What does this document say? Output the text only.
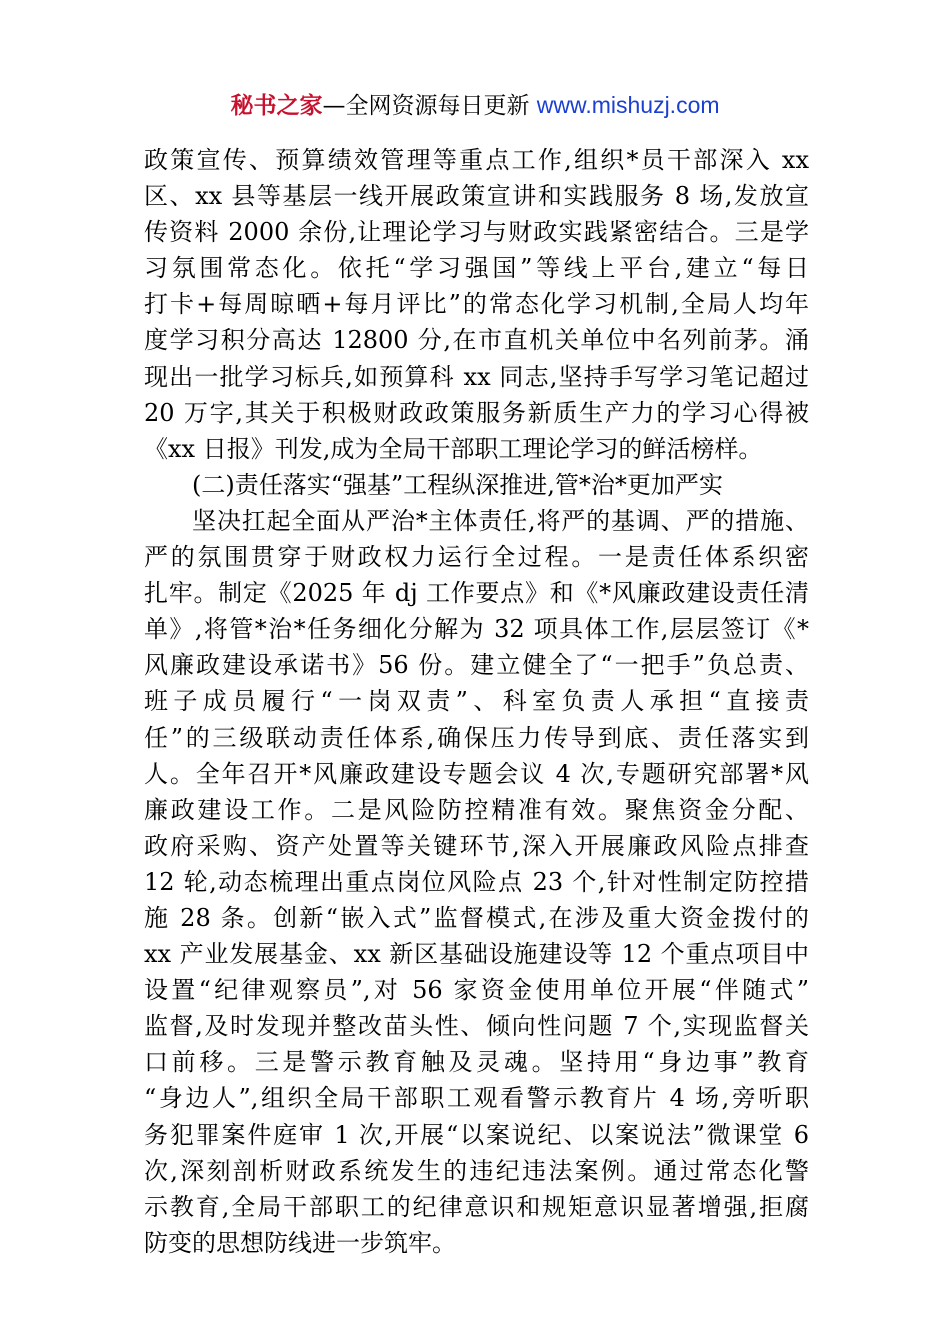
秘书之家—全网资源每日更新 www.mishuzj.com
政策宣传、预算绩效管理等重点工作,组织*员干部深入 xx
区、xx 县等基层一线开展政策宣讲和实践服务 8 场,发放宣
传资料 2000 余份,让理论学习与财政实践紧密结合。三是学
习氛围常态化。依托“学习强国”等线上平台,建立“每日
打卡+每周晾晒+每月评比”的常态化学习机制,全局人均年
度学习积分高达 12800 分,在市直机关单位中名列前茅。涌
现出一批学习标兵,如预算科 xx 同志,坚持手写学习笔记超过
20 万字,其关于积极财政政策服务新质生产力的学习心得被
《xx 日报》刊发,成为全局干部职工理论学习的鲜活榜样。
(二)责任落实“强基”工程纵深推进,管*治*更加严实
坚决扛起全面从严治*主体责任,将严的基调、严的措施、
严的氛围贯穿于财政权力运行全过程。一是责任体系织密
扎牢。制定《2025 年 dj 工作要点》和《*风廉政建设责任清
单》,将管*治*任务细化分解为 32 项具体工作,层层签订《*
风廉政建设承诺书》56 份。建立健全了“一把手”负总责、
班子成员履行“一岗双责”、科室负责人承担“直接责
任”的三级联动责任体系,确保压力传导到底、责任落实到
人。全年召开*风廉政建设专题会议 4 次,专题研究部署*风
廉政建设工作。二是风险防控精准有效。聚焦资金分配、
政府采购、资产处置等关键环节,深入开展廉政风险点排查
12 轮,动态梳理出重点岗位风险点 23 个,针对性制定防控措
施 28 条。创新“嵌入式”监督模式,在涉及重大资金拨付的
xx 产业发展基金、xx 新区基础设施建设等 12 个重点项目中
设置“纪律观察员”,对 56 家资金使用单位开展“伴随式”
监督,及时发现并整改苗头性、倾向性问题 7 个,实现监督关
口前移。三是警示教育触及灵魂。坚持用“身边事”教育
“身边人”,组织全局干部职工观看警示教育片 4 场,旁听职
务犯罪案件庭审 1 次,开展“以案说纪、以案说法”微课堂 6
次,深刻剖析财政系统发生的违纪违法案例。通过常态化警
示教育,全局干部职工的纪律意识和规矩意识显著增强,拒腐
防变的思想防线进一步筑牢。
